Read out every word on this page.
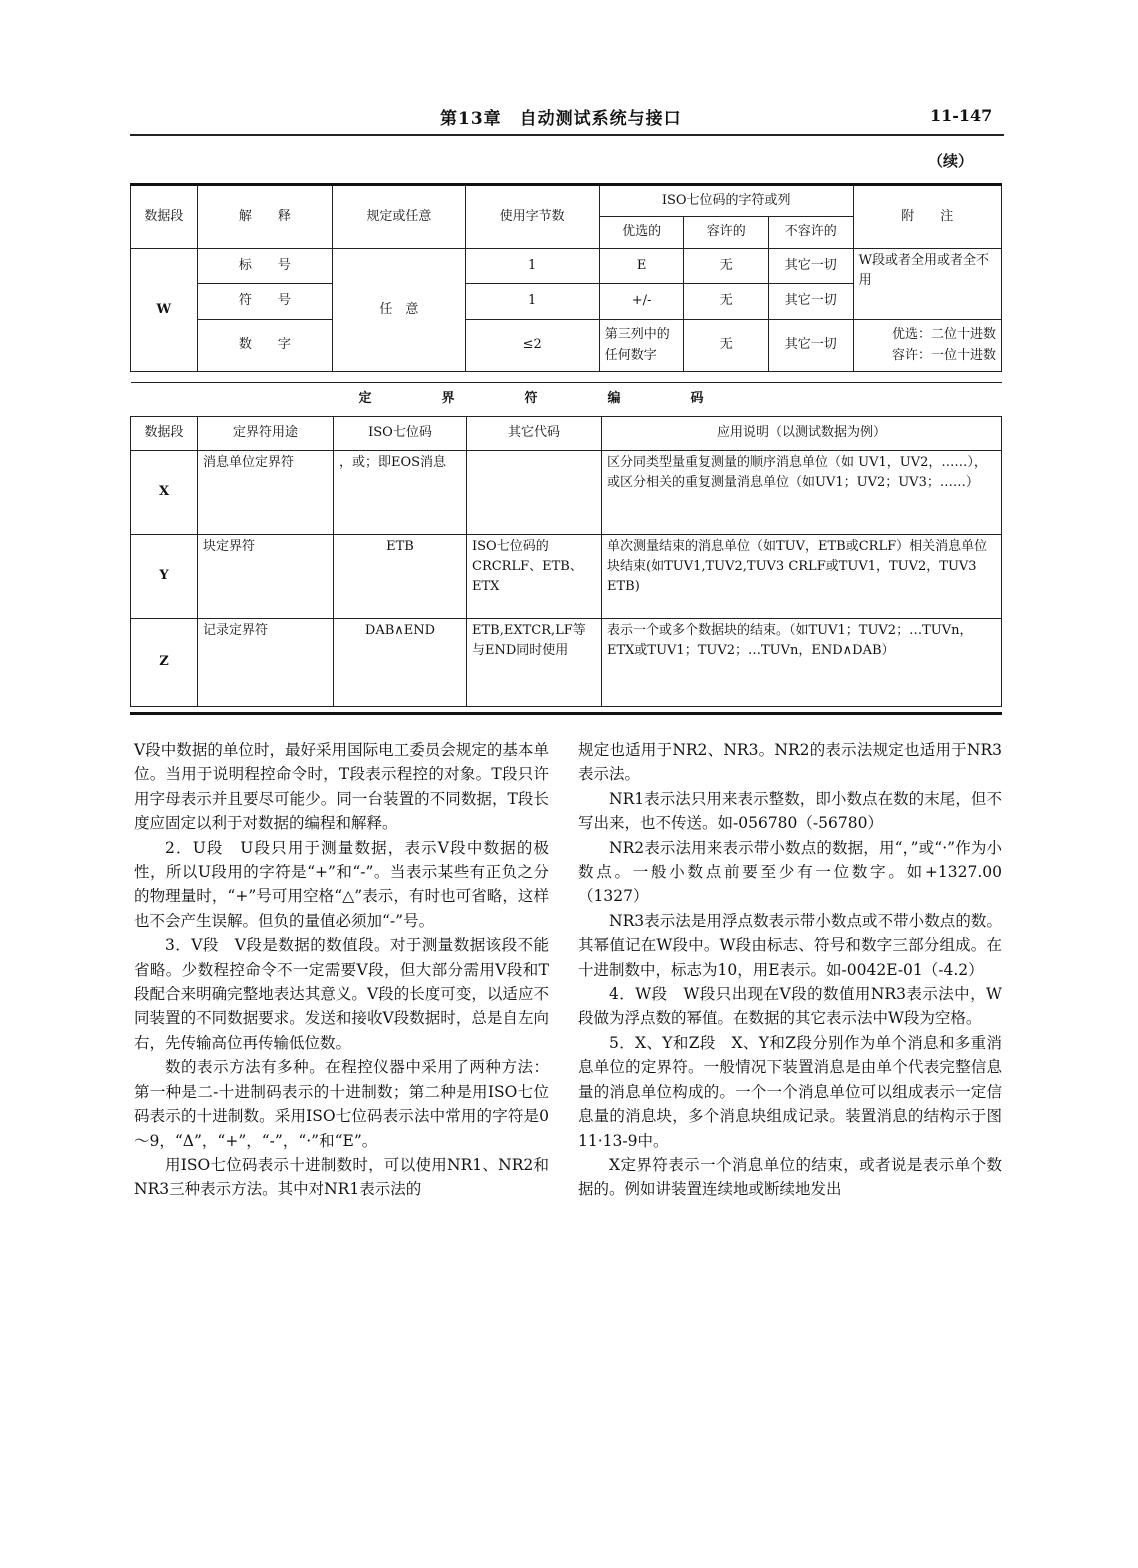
第13章　自动测试系统与接口	11-147
（续）
数据段	解　　释	规定或任意	使用字节数	ISO七位码的字符或列			附　　注
				优选的	容许的	不容许的	
W	标　　号	任　意	1	E	无	其它一切	W段或者全用或者全不用
	符　　号		1	+/-	无	其它一切	
	数　　字		≤2	第三列中的任何数字	无	其它一切	优选：二位十进数
容许：一位十进数
定界符编码				
数据段	定界符用途	ISO七位码	其它代码	应用说明（以测试数据为例）
X	消息单位定界符	，或；即EOS消息		区分同类型量重复测量的顺序消息单位（如 UV1，UV2，……），或区分相关的重复测量消息单位（如UV1；UV2；UV3；……）
Y	块定界符	ETB	ISO七位码的CRCRLF、ETB、ETX	单次测量结束的消息单位（如TUV，ETB或CRLF）相关消息单位块结束(如TUV1,TUV2,TUV3 CRLF或TUV1，TUV2，TUV3 ETB)
Z	记录定界符	DAB∧END	ETB,EXTCR,LF等与END同时使用	表示一个或多个数据块的结束。（如TUV1；TUV2；…TUVn，ETX或TUV1；TUV2；…TUVn，END∧DAB）

V段中数据的单位时，最好采用国际电工委员会规定的基本单位。当用于说明程控命令时，T段表示程控的对象。T段只许用字母表示并且要尽可能少。同一台装置的不同数据，T段长度应固定以利于对数据的编程和解释。

2．U段　U段只用于测量数据，表示V段中数据的极性，所以U段用的字符是“+”和“-”。当表示某些有正负之分的物理量时，“+”号可用空格“△”表示，有时也可省略，这样也不会产生误解。但负的量值必须加“-”号。

3．V段　V段是数据的数值段。对于测量数据该段不能省略。少数程控命令不一定需要V段，但大部分需用V段和T段配合来明确完整地表达其意义。V段的长度可变，以适应不同装置的不同数据要求。发送和接收V段数据时，总是自左向右，先传输高位再传输低位数。

数的表示方法有多种。在程控仪器中采用了两种方法：第一种是二-十进制码表示的十进制数；第二种是用ISO七位码表示的十进制数。采用ISO七位码表示法中常用的字符是0～9，“Δ”，“+”，“-”，“·”和“E”。

用ISO七位码表示十进制数时，可以使用NR1、NR2和NR3三种表示方法。其中对NR1表示法的

规定也适用于NR2、NR3。NR2的表示法规定也适用于NR3表示法。

NR1表示法只用来表示整数，即小数点在数的末尾，但不写出来，也不传送。如-056780（-56780）

NR2表示法用来表示带小数点的数据，用“，”或“·”作为小数点。一般小数点前要至少有一位数字。如+1327.00（1327）

NR3表示法是用浮点数表示带小数点或不带小数点的数。其幂值记在W段中。W段由标志、符号和数字三部分组成。在十进制数中，标志为10，用E表示。如-0042E-01（-4.2）

4．W段　W段只出现在V段的数值用NR3表示法中，W段做为浮点数的幂值。在数据的其它表示法中W段为空格。

5．X、Y和Z段　X、Y和Z段分别作为单个消息和多重消息单位的定界符。一般情况下装置消息是由单个代表完整信息量的消息单位构成的。一个一个消息单位可以组成表示一定信息量的消息块，多个消息块组成记录。装置消息的结构示于图11·13-9中。

X定界符表示一个消息单位的结束，或者说是表示单个数据的。例如讲装置连续地或断续地发出
